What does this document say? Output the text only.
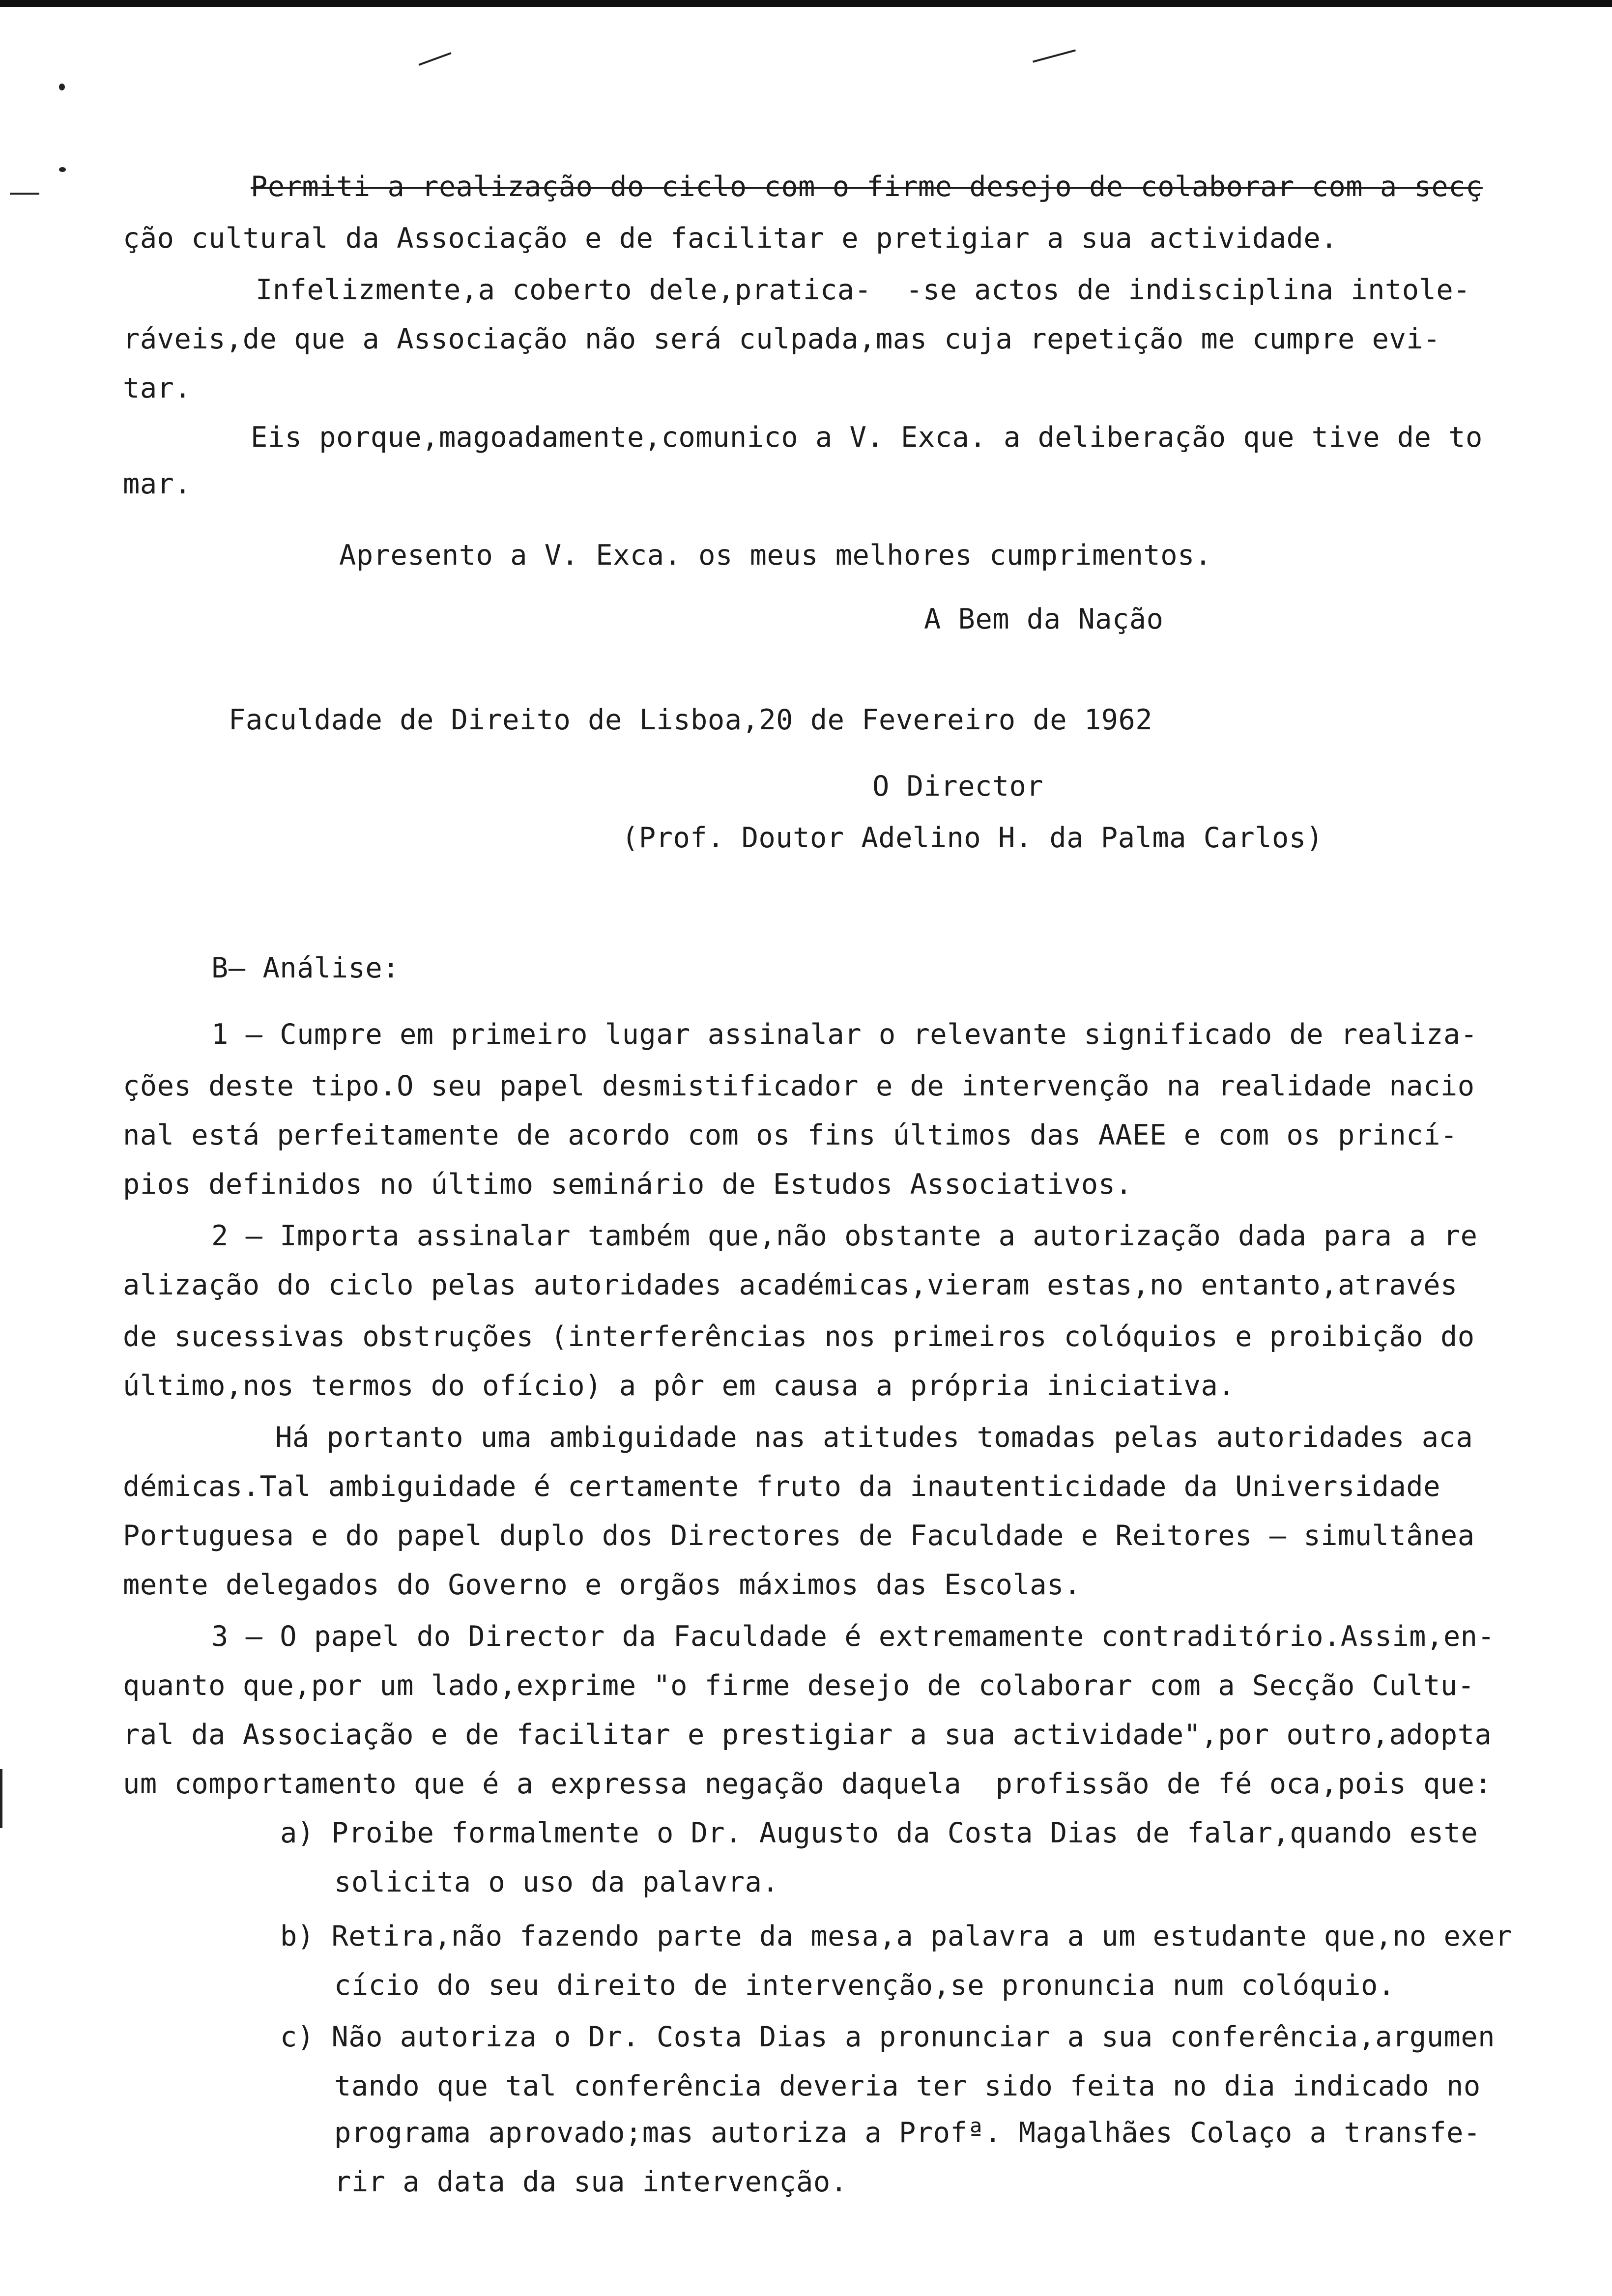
Permiti a realização do ciclo com o firme desejo de colaborar com a secç
ção cultural da Associação e de facilitar e pretigiar a sua actividade.
Infelizmente,a coberto dele,pratica-  -se actos de indisciplina intole-
ráveis,de que a Associação não será culpada,mas cuja repetição me cumpre evi-
tar.
Eis porque,magoadamente,comunico a V. Exca. a deliberação que tive de to
mar.
Apresento a V. Exca. os meus melhores cumprimentos.
A Bem da Nação
Faculdade de Direito de Lisboa,20 de Fevereiro de 1962
O Director
(Prof. Doutor Adelino H. da Palma Carlos)
B— Análise:
1 – Cumpre em primeiro lugar assinalar o relevante significado de realiza-
ções deste tipo.O seu papel desmistificador e de intervenção na realidade nacio
nal está perfeitamente de acordo com os fins últimos das AAEE e com os princí-
pios definidos no último seminário de Estudos Associativos.
2 – Importa assinalar também que,não obstante a autorização dada para a re
alização do ciclo pelas autoridades académicas,vieram estas,no entanto,através
de sucessivas obstruções (interferências nos primeiros colóquios e proibição do
último,nos termos do ofício) a pôr em causa a própria iniciativa.
Há portanto uma ambiguidade nas atitudes tomadas pelas autoridades aca
démicas.Tal ambiguidade é certamente fruto da inautenticidade da Universidade
Portuguesa e do papel duplo dos Directores de Faculdade e Reitores — simultânea
mente delegados do Governo e orgãos máximos das Escolas.
3 – O papel do Director da Faculdade é extremamente contraditório.Assim,en-
quanto que,por um lado,exprime "o firme desejo de colaborar com a Secção Cultu-
ral da Associação e de facilitar e prestigiar a sua actividade",por outro,adopta
um comportamento que é a expressa negação daquela  profissão de fé oca,pois que:
a) Proibe formalmente o Dr. Augusto da Costa Dias de falar,quando este
solicita o uso da palavra.
b) Retira,não fazendo parte da mesa,a palavra a um estudante que,no exer
cício do seu direito de intervenção,se pronuncia num colóquio.
c) Não autoriza o Dr. Costa Dias a pronunciar a sua conferência,argumen
tando que tal conferência deveria ter sido feita no dia indicado no
programa aprovado;mas autoriza a Profª. Magalhães Colaço a transfe-
rir a data da sua intervenção.
